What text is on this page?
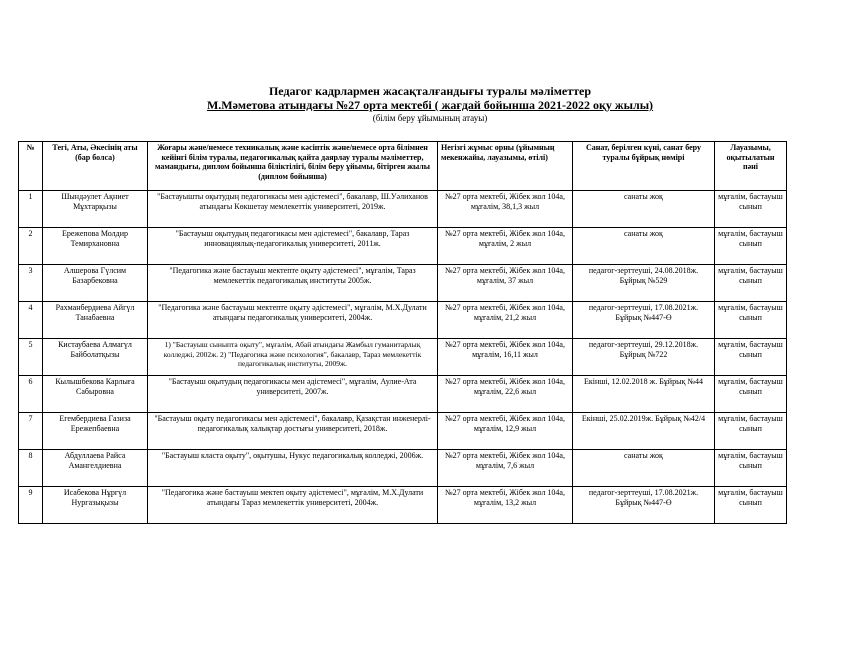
Педагог кадрлармен жасақталғандығы туралы мәліметтер
М.Мәметова атындағы №27 орта мектебі ( жағдай бойынша 2021-2022 оқу жылы)
(білім беру ұйымының атауы)
№	Тегі, Аты, Әкесінің аты (бар болса)	Жоғары және/немесе техникалық және кәсіптік және/немесе орта білімнен кейінгі білім туралы, педагогикалық қайта даярлау туралы мәліметтер, мамандығы, диплом бойынша біліктілігі, білім беру ұйымы, бітірген жылы (диплом бойынша)	Негізгі жұмыс орны (ұйымның мекенжайы, лауазымы, өтілі)	Санат, берілген күні, санат беру туралы бұйрық нөмірі	Лауазымы, оқытылатын пәні
1	Шындәулет Ақниет Мұхтарқызы	"Бастауышты оқытудың педагогикасы мен әдістемесі", бакалавр, Ш.Уәлиханов атындағы Көкшетау мемлекеттік университеті, 2019ж.	№27 орта мектебі, Жібек жол 104а, мұғалім, 38,1,3 жыл	санаты жоқ	мұғалім, бастауыш сынып
2	Ережепова Молдир Темирхановна	"Бастауыш оқытудың педагогикасы мен әдістемесі", бакалавр, Тараз инновациялық-педагогикалық университеті, 2011ж.	№27 орта мектебі, Жібек жол 104а, мұғалім, 2 жыл	санаты жоқ	мұғалім, бастауыш сынып
3	Алшерова Гүлсим Базарбековна	"Педагогика және бастауыш мектепте оқыту әдістемесі", мұғалім, Тараз мемлекеттік педагогикалық институты 2005ж.	№27 орта мектебі, Жібек жол 104а, мұғалім, 37 жыл	педагог-зерттеуші, 24.08.2018ж. Бұйрық №529	мұғалім, бастауыш сынып
4	Рахманбердиева Айгүл Танабаевна	"Педагогика және бастауыш мектепте оқыту әдістемесі", мұғалім, М.Х.Дулати атындағы педагогикалық университеті, 2004ж.	№27 орта мектебі, Жібек жол 104а, мұғалім, 21,2 жыл	педагог-зерттеуші, 17.08.2021ж. Бұйрық №447-Ө	мұғалім, бастауыш сынып
5	Кистаубаева Алмагүл Байболатқызы	1) "Бастауыш сыныпта оқыту", мұғалім, Абай атындағы Жамбыл гуманитарлық колледжі, 2002ж. 2) "Педагогика және психология", бакалавр, Тараз мемлекеттік педагогикалық институты, 2009ж.	№27 орта мектебі, Жібек жол 104а, мұғалім, 16,11 жыл	педагог-зерттеуші, 29.12.2018ж. Бұйрық №722	мұғалім, бастауыш сынып
6	Кылышбекова Карлыға Сабыровна	"Бастауыш оқытудың педагогикасы мен әдістемесі", мұғалім, Аулие-Ата университеті, 2007ж.	№27 орта мектебі, Жібек жол 104а, мұғалім, 22,6 жыл	Екінші, 12.02.2018 ж. Бұйрық №44	мұғалім, бастауыш сынып
7	Егембердиева Газиза Ережепбаевна	"Бастауыш оқыту педагогикасы мен әдістемесі", бакалавр, Қазақстан инженерлі-педагогикалық халықтар достығы университеті, 2018ж.	№27 орта мектебі, Жібек жол 104а, мұғалім, 12,9 жыл	Екінші, 25.02.2019ж. Бұйрық №42/4	мұғалім, бастауыш сынып
8	Абдуллаева Райса Амангелдиевна	"Бастауыш класта оқыту", оқытушы, Нукус педагогикалық колледжі, 2006ж.	№27 орта мектебі, Жібек жол 104а, мұғалім, 7,6 жыл	санаты жоқ	мұғалім, бастауыш сынып
9	Исабекова Нұргүл Нургазықызы	"Педагогика және бастауыш мектеп оқыту әдістемесі", мұғалім, М.Х.Дулати атындағы Тараз мемлекеттік университеті, 2004ж.	№27 орта мектебі, Жібек жол 104а, мұғалім, 13,2 жыл	педагог-зерттеуші, 17.08.2021ж. Бұйрық №447-Ө	мұғалім, бастауыш сынып
